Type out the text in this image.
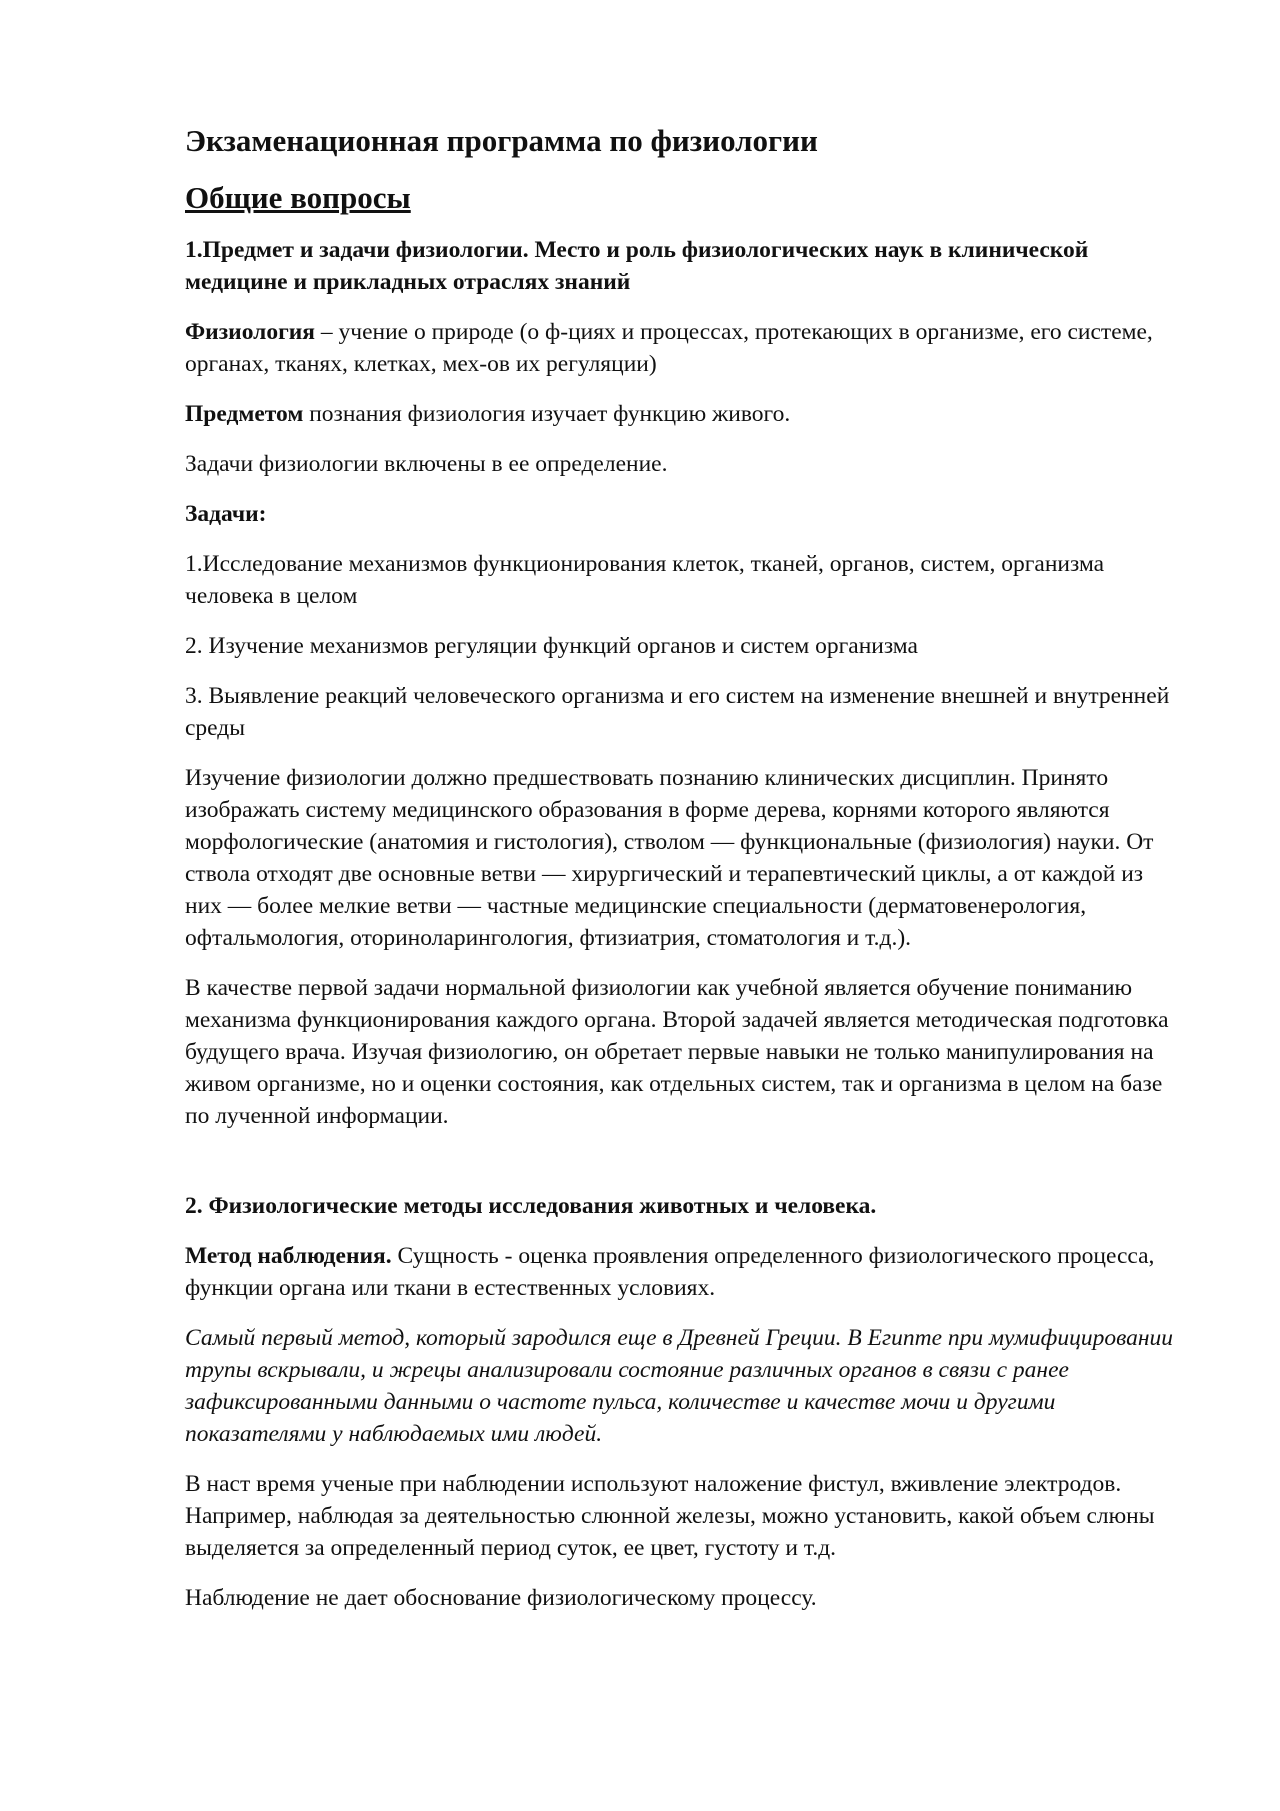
Экзаменационная программа по физиологии
Общие вопросы

1.Предмет и задачи физиологии. Место и роль физиологических наук в клинической медицине и прикладных отраслях знаний

Физиология – учение о природе (о ф-циях и процессах, протекающих в организме, его системе, органах, тканях, клетках, мех-ов их регуляции)

Предметом познания физиология изучает функцию живого.

Задачи физиологии включены в ее определение.

Задачи:

1.Исследование механизмов функционирования клеток, тканей, органов, систем, организма человека в целом

2. Изучение механизмов регуляции функций органов и систем организма

3. Выявление реакций человеческого организма и его систем на изменение внешней и внутренней среды

Изучение физиологии должно предшествовать познанию клинических дисциплин. Принято изображать систему медицинского образования в форме дерева, корнями которого являются морфологические (анатомия и гистология), стволом — функциональные (физиология) науки. От ствола отходят две основные ветви — хирургический и терапевтический циклы, а от каждой из них — более мелкие ветви — частные медицинские специальности (дерматовенерология, офтальмология, оториноларингология, фтизиатрия, стоматология и т.д.).

В качестве первой задачи нормальной физиологии как учебной является обучение пониманию механизма функционирования каждого органа. Второй задачей является методическая подготовка будущего врача. Изучая физиологию, он обретает первые навыки не только манипулирования на живом организме, но и оценки состояния, как отдельных систем, так и организма в целом на базе по лученной информации.

2. Физиологические методы исследования животных и человека.

Метод наблюдения. Сущность - оценка проявления определенного физиологического процесса, функции органа или ткани в естественных условиях.

Самый первый метод, который зародился еще в Древней Греции. В Египте при мумифицировании трупы вскрывали, и жрецы анализировали состояние различных органов в связи с ранее зафиксированными данными о частоте пульса, количестве и качестве мочи и другими показателями у наблюдаемых ими людей.

В наст время ученые при наблюдении используют наложение фистул, вживление электродов. Например, наблюдая за деятельностью слюнной железы, можно установить, какой объем слюны выделяется за определенный период суток, ее цвет, густоту и т.д.

Наблюдение не дает обоснование физиологическому процессу.
